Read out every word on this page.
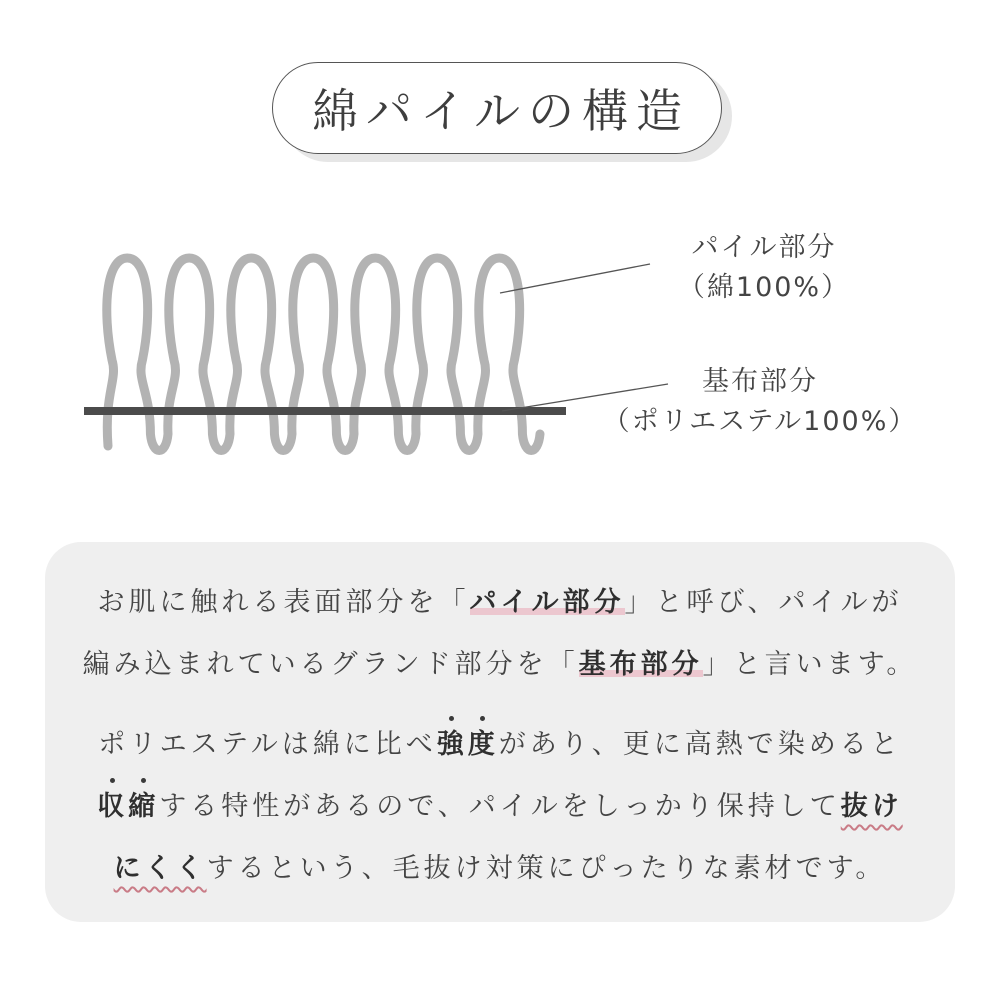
綿パイルの構造
パイル部分
（綿100%）
基布部分
（ポリエステル100%）
お肌に触れる表面部分を「パイル部分」と呼び、パイルが
編み込まれているグランド部分を「基布部分」と言います。
ポリエステルは綿に比べ強度があり、更に高熱で染めると
収縮する特性があるので、パイルをしっかり保持して抜け
にくくするという、毛抜け対策にぴったりな素材です。
